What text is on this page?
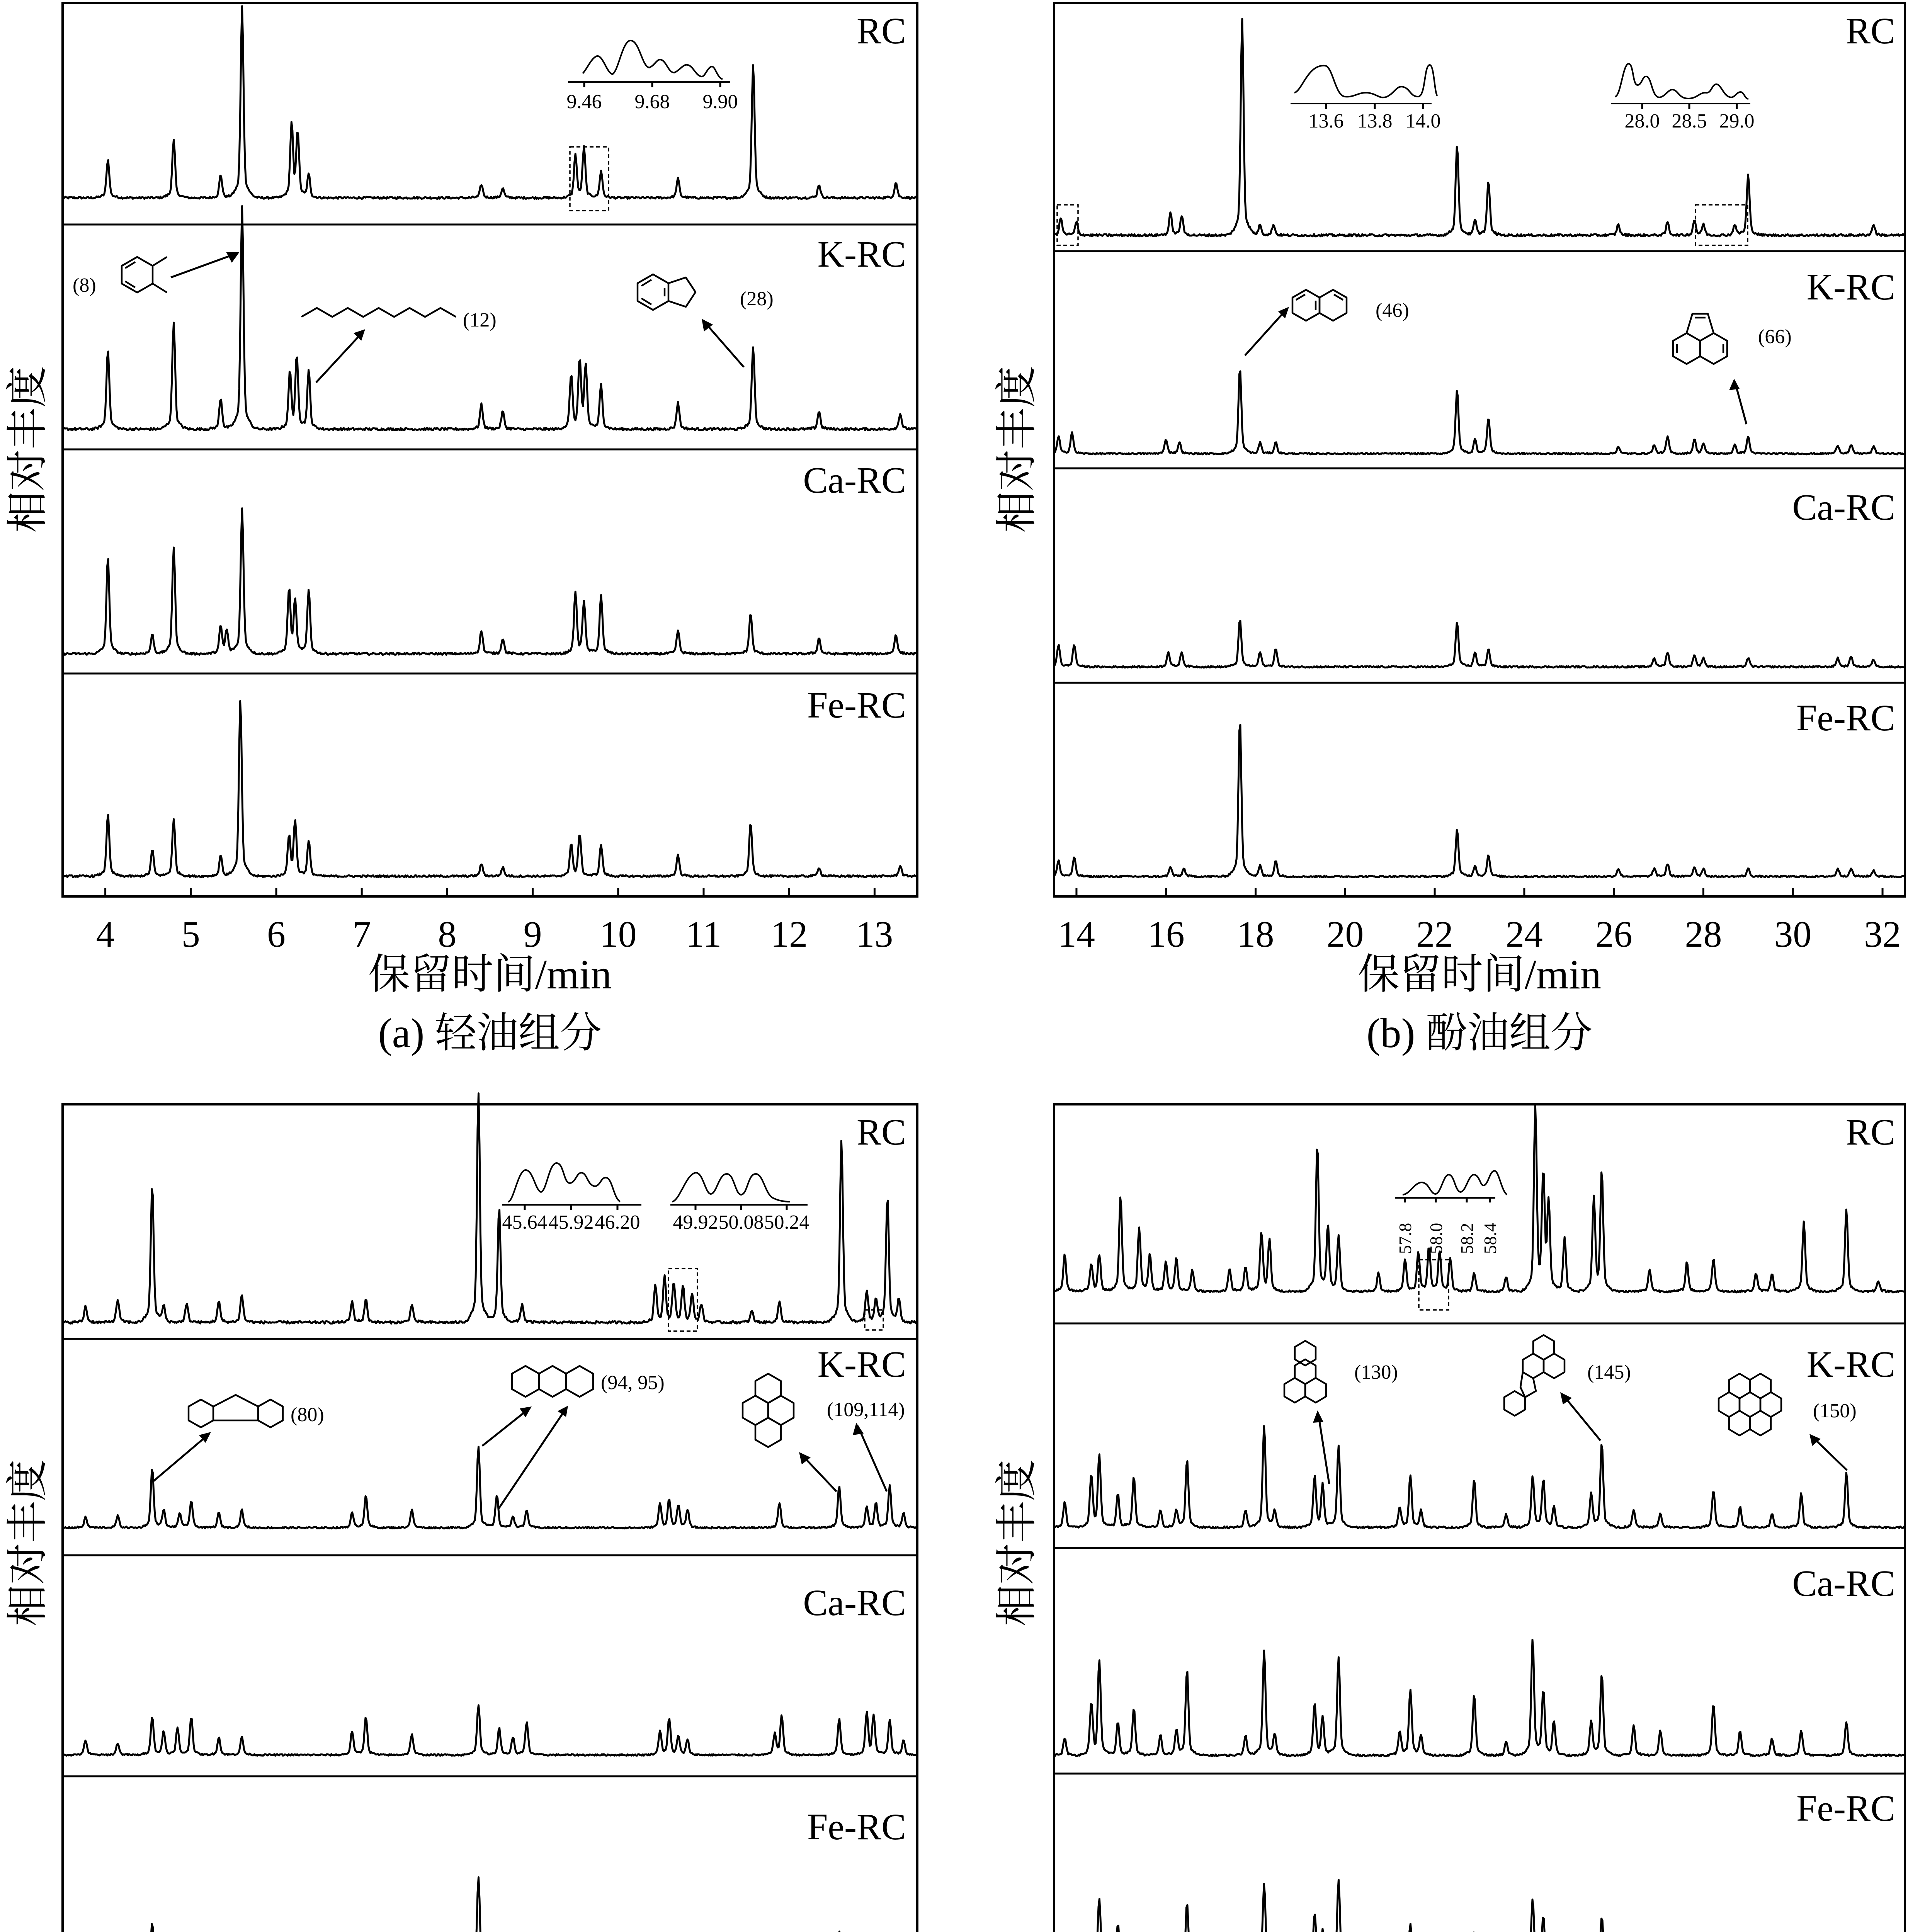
RC
K-RC
Ca-RC
Fe-RC
4 5 6 7 8 9 10 11 12 13
保留时间/min
(a) 轻油组分
相对丰度
9.46 9.68 9.90
(8)
(12)
(28)
RC
K-RC
Ca-RC
Fe-RC
14 16 18 20 22 24 26 28 30 32
保留时间/min
(b) 酚油组分
相对丰度
13.6 13.8 14.0	28.0 28.5 29.0
(46)
(66)
RC
K-RC
Ca-RC
Fe-RC
相对丰度
45.64 45.92 46.20 49.92 50.08 50.24
(80)
(94, 95)
(109,114)
RC
K-RC
Ca-RC
Fe-RC
相对丰度
57.8 58.0 58.2 58.4
(130)	(145)
(150)
